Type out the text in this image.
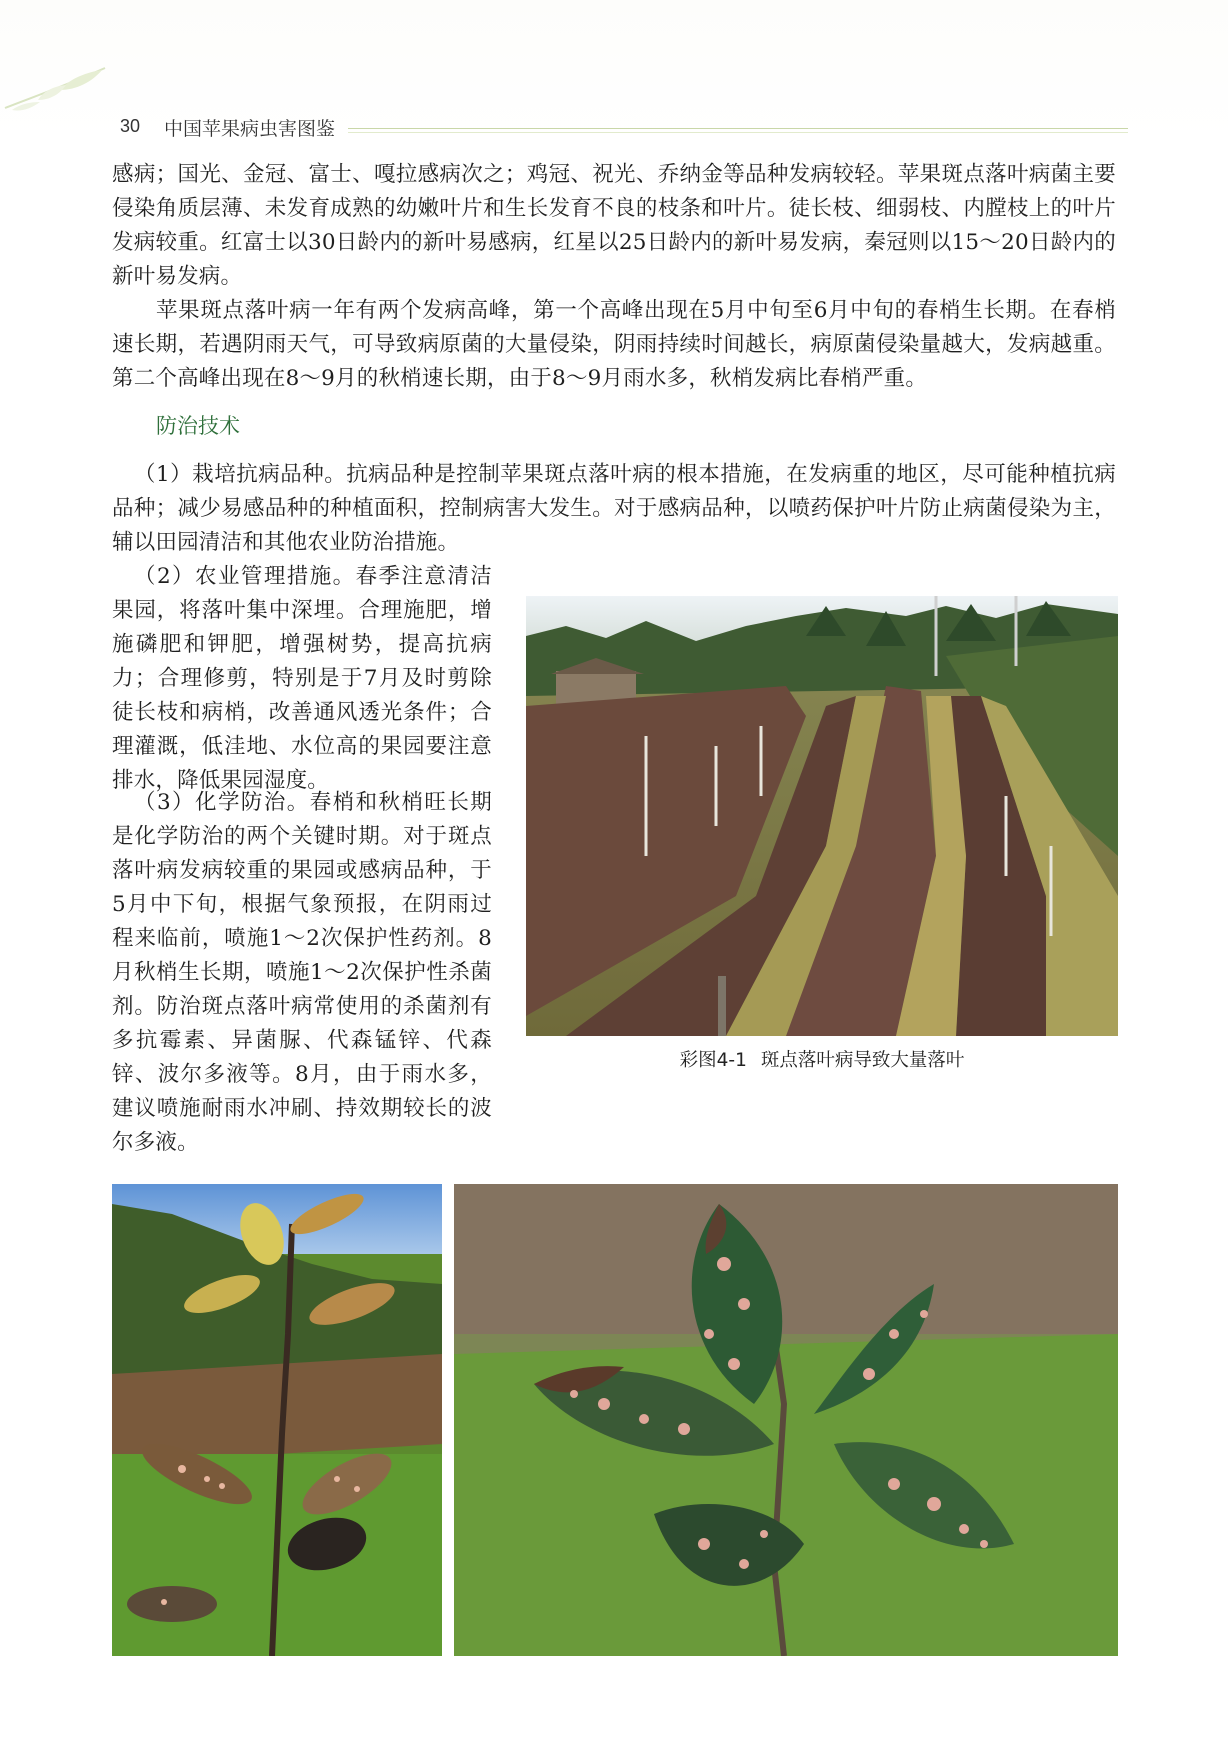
30 中国苹果病虫害图鉴

感病；国光、金冠、富士、嘎拉感病次之；鸡冠、祝光、乔纳金等品种发病较轻。苹果斑点落叶病菌主要侵染角质层薄、未发育成熟的幼嫩叶片和生长发育不良的枝条和叶片。徒长枝、细弱枝、内膛枝上的叶片发病较重。红富士以30日龄内的新叶易感病，红星以25日龄内的新叶易发病，秦冠则以15～20日龄内的新叶易发病。

苹果斑点落叶病一年有两个发病高峰，第一个高峰出现在5月中旬至6月中旬的春梢生长期。在春梢速长期，若遇阴雨天气，可导致病原菌的大量侵染，阴雨持续时间越长，病原菌侵染量越大，发病越重。第二个高峰出现在8～9月的秋梢速长期，由于8～9月雨水多，秋梢发病比春梢严重。

防治技术

（1）栽培抗病品种。抗病品种是控制苹果斑点落叶病的根本措施，在发病重的地区，尽可能种植抗病品种；减少易感品种的种植面积，控制病害大发生。对于感病品种，以喷药保护叶片防止病菌侵染为主，辅以田园清洁和其他农业防治措施。

（2）农业管理措施。春季注意清洁果园，将落叶集中深埋。合理施肥，增施磷肥和钾肥，增强树势，提高抗病力；合理修剪，特别是于7月及时剪除徒长枝和病梢，改善通风透光条件；合理灌溉，低洼地、水位高的果园要注意排水，降低果园湿度。

（3）化学防治。春梢和秋梢旺长期是化学防治的两个关键时期。对于斑点落叶病发病较重的果园或感病品种，于5月中下旬，根据气象预报，在阴雨过程来临前，喷施1～2次保护性药剂。8月秋梢生长期，喷施1～2次保护性杀菌剂。防治斑点落叶病常使用的杀菌剂有多抗霉素、异菌脲、代森锰锌、代森锌、波尔多液等。8月，由于雨水多，建议喷施耐雨水冲刷、持效期较长的波尔多液。

彩图4-1 斑点落叶病导致大量落叶
